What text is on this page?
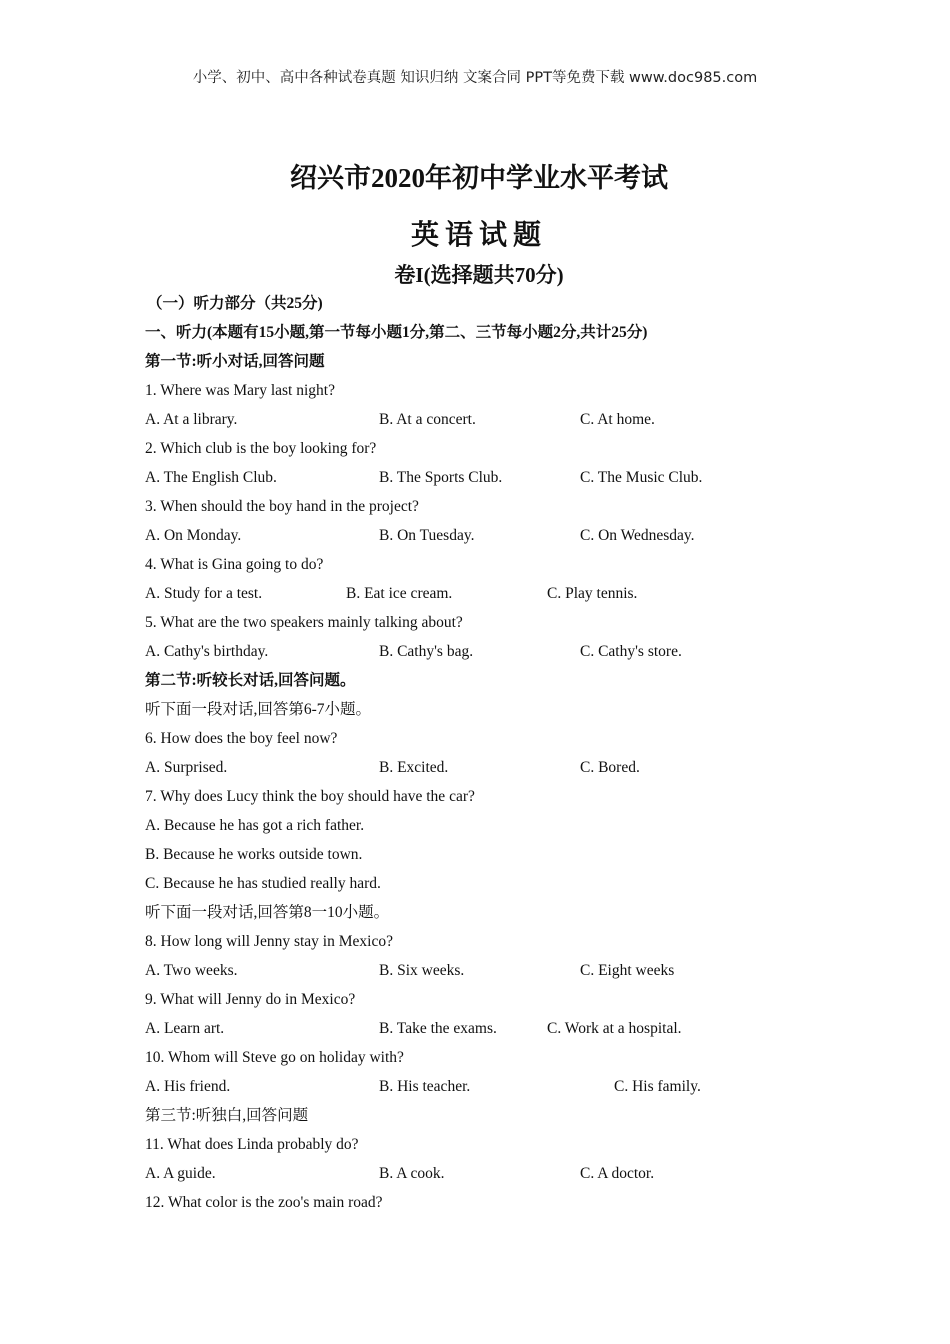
小学、初中、高中各种试卷真题 知识归纳 文案合同 PPT等免费下载 www.doc985.com
绍兴市2020年初中学业水平考试
英语试题
卷I(选择题共70分)
（一）听力部分（共25分)
一、听力(本题有15小题,第一节每小题1分,第二、三节每小题2分,共计25分)
第一节:听小对话,回答问题
1. Where was Mary last night?
A. At a library.	B. At a concert.	C. At home.
2. Which club is the boy looking for?
A. The English Club.	B. The Sports Club.	C. The Music Club.
3. When should the boy hand in the project?
A. On Monday.	B. On Tuesday.	C. On Wednesday.
4. What is Gina going to do?
A. Study for a test.	B. Eat ice cream.	C. Play tennis.
5. What are the two speakers mainly talking about?
A. Cathy's birthday.	B. Cathy's bag.	C. Cathy's store.
第二节:听较长对话,回答问题。
听下面一段对话,回答第6-7小题。
6. How does the boy feel now?
A. Surprised.	B. Excited.	C. Bored.
7. Why does Lucy think the boy should have the car?
A. Because he has got a rich father.
B. Because he works outside town.
C. Because he has studied really hard.
听下面一段对话,回答第8一10小题。
8. How long will Jenny stay in Mexico?
A. Two weeks.	B. Six weeks.	C. Eight weeks
9. What will Jenny do in Mexico?
A. Learn art.	B. Take the exams.	C. Work at a hospital.
10. Whom will Steve go on holiday with?
A. His friend.	B. His teacher.	C. His family.
第三节:听独白,回答问题
11. What does Linda probably do?
A. A guide.	B. A cook.	C. A doctor.
12. What color is the zoo's main road?
